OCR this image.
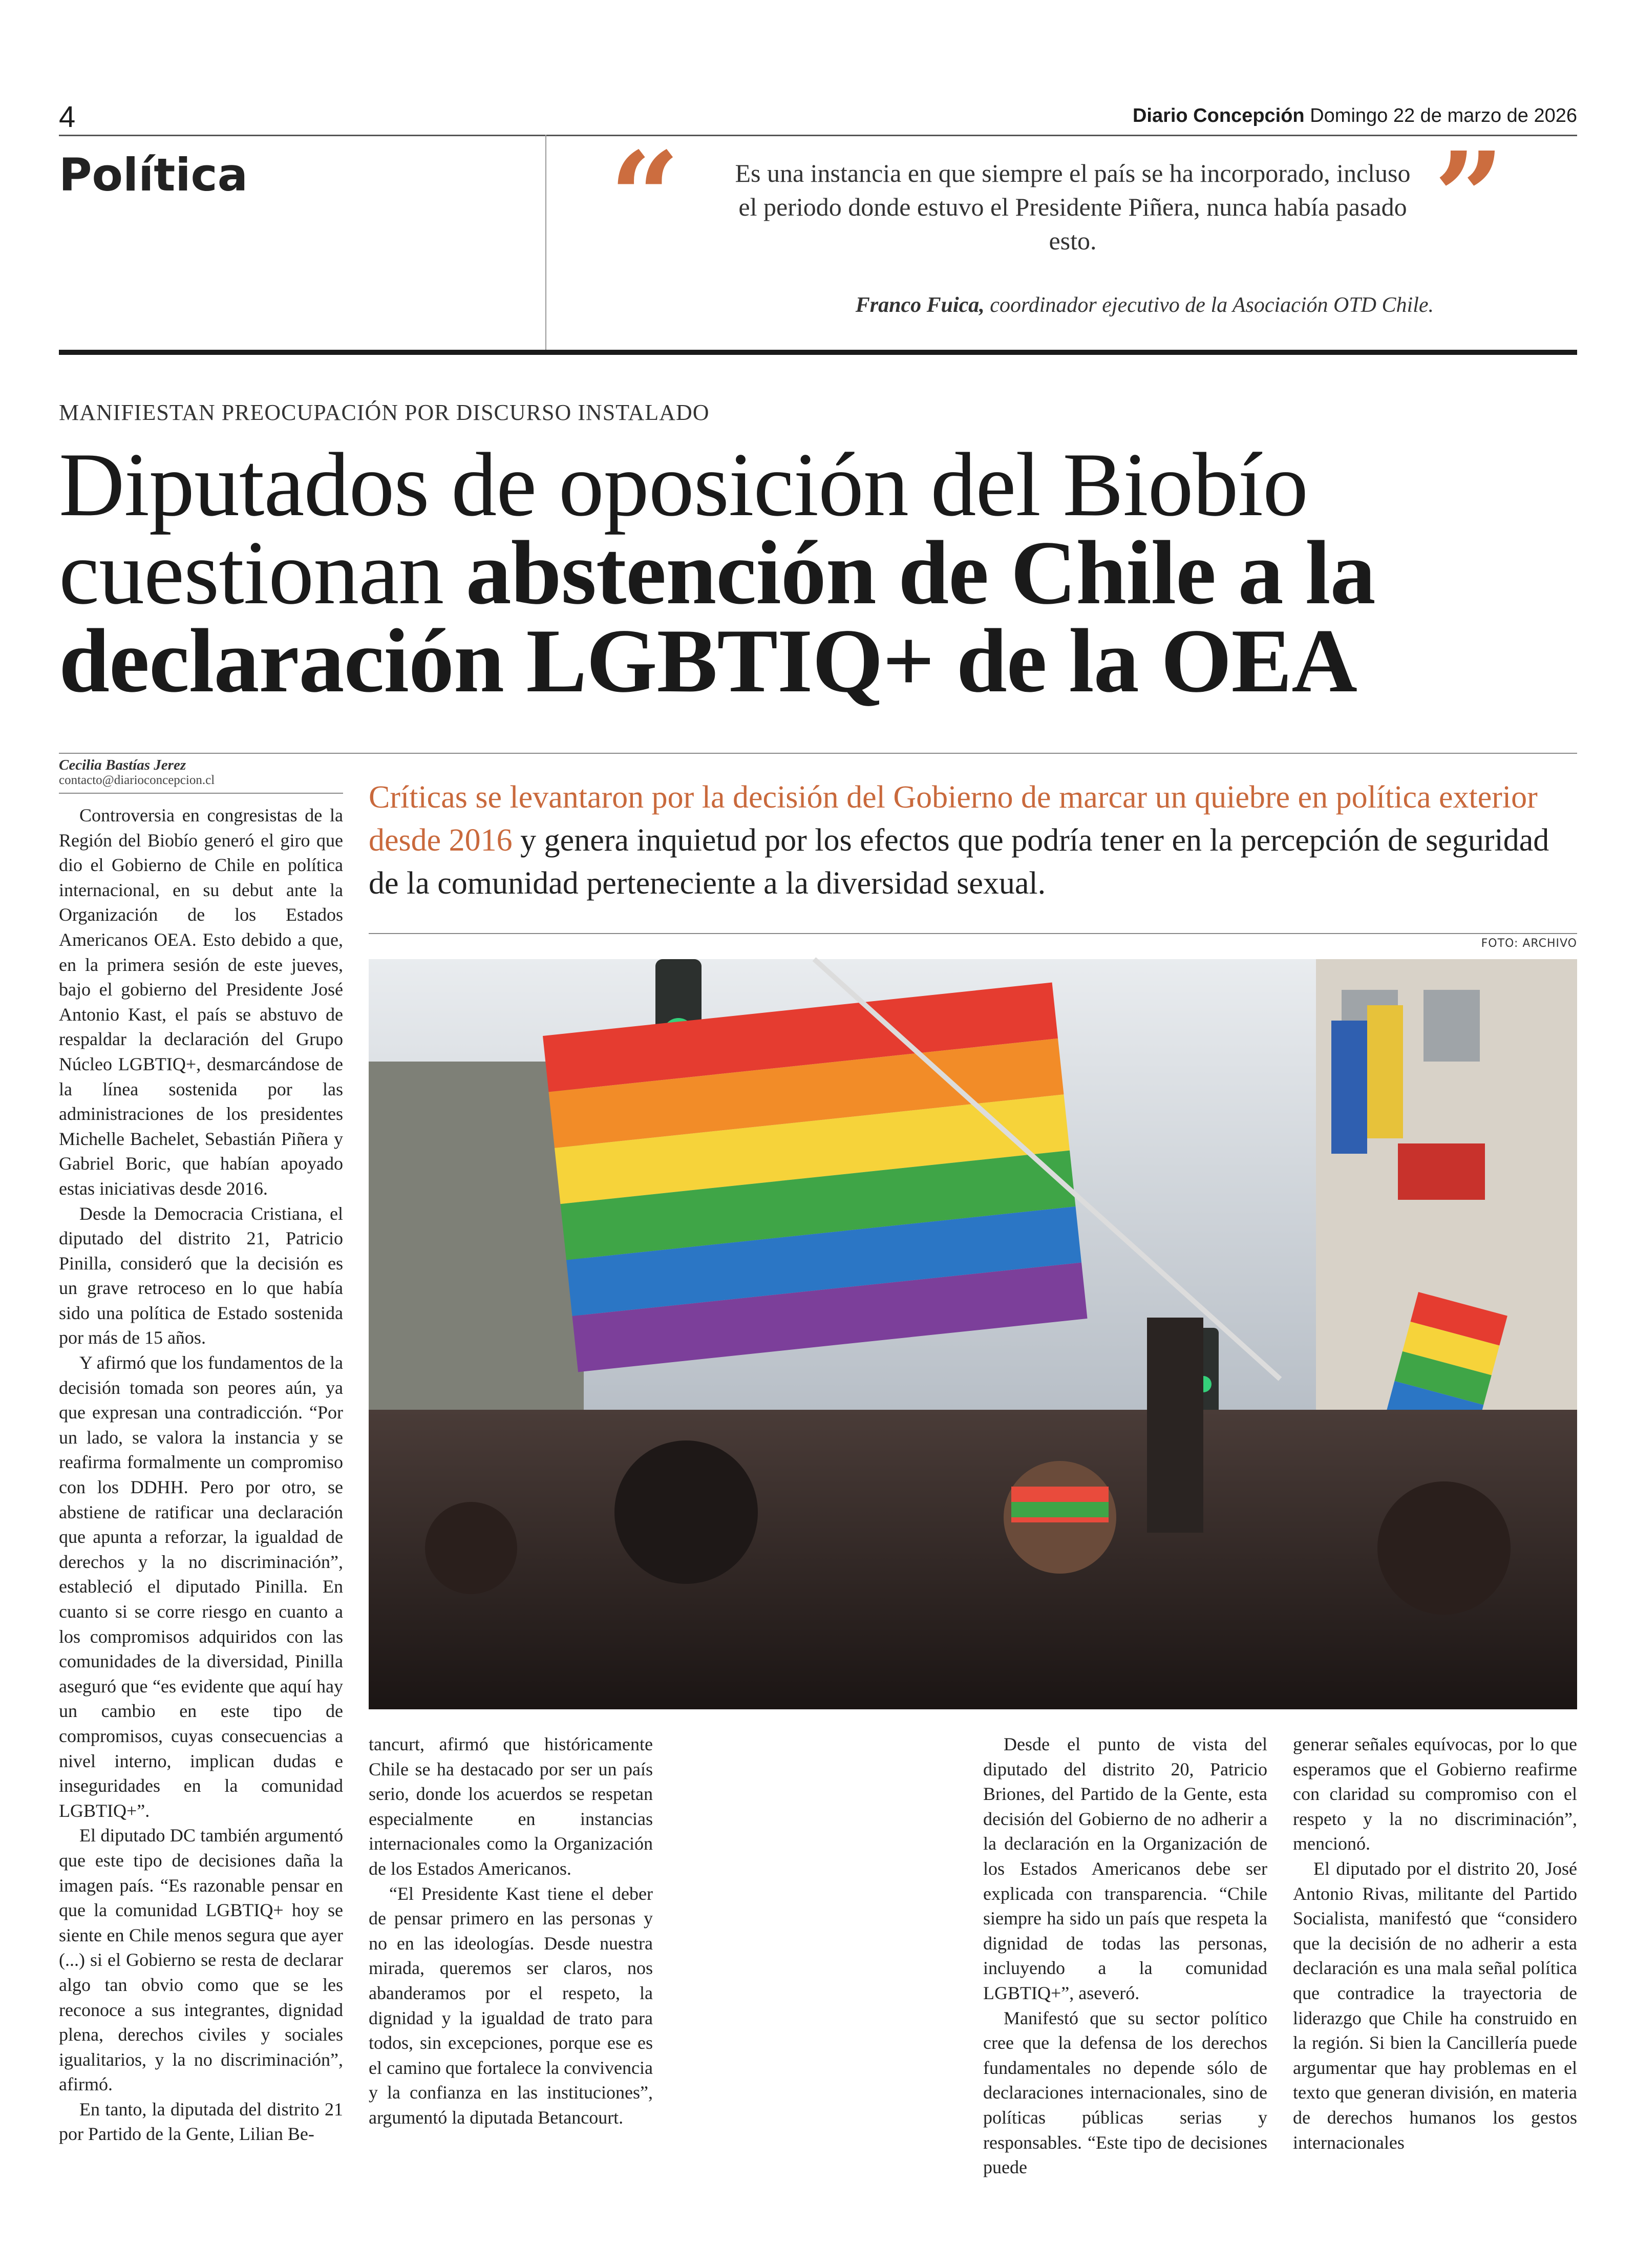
4	Diario Concepción Domingo 22 de marzo de 2026
Política	“ Es una instancia en que siempre el país se ha incorporado, incluso el periodo donde estuvo el Presidente Piñera, nunca había pasado esto.	”
Franco Fuica, coordinador ejecutivo de la Asociación OTD Chile.
MANIFIESTAN PREOCUPACIÓN POR DISCURSO INSTALADO
Diputados de oposición del Biobío cuestionan abstención de Chile a la declaración LGBTIQ+ de la OEA
Cecilia Bastías Jerez
contacto@diarioconcepcion.cl	Críticas se levantaron por la decisión del Gobierno de marcar un quiebre en política exterior desde 2016 y genera inquietud por los efectos que podría tener en la percepción de seguridad de la comunidad perteneciente a la diversidad sexual.
FOTO: ARCHIVO

Controversia en congresistas de la Región del Biobío generó el giro que dio el Gobierno de Chile en política internacional, en su debut ante la Organización de los Estados Americanos OEA. Esto debido a que, en la primera sesión de este jueves, bajo el gobierno del Presidente José Antonio Kast, el país se abstuvo de respaldar la declaración del Grupo Núcleo LGBTIQ+, desmarcándose de la línea sostenida por las administraciones de los presidentes Michelle Bachelet, Sebastián Piñera y Gabriel Boric, que habían apoyado estas iniciativas desde 2016.

Desde la Democracia Cristiana, el diputado del distrito 21, Patricio Pinilla, consideró que la decisión es un grave retroceso en lo que había sido una política de Estado sostenida por más de 15 años.

Y afirmó que los fundamentos de la decisión tomada son peores aún, ya que expresan una contradicción. “Por un lado, se valora la instancia y se reafirma formalmente un compromiso con los DDHH. Pero por otro, se abstiene de ratificar una declaración que apunta a reforzar, la igualdad de derechos y la no discriminación”, estableció el diputado Pinilla. En cuanto si se corre riesgo en cuanto a los compromisos adquiridos con las comunidades de la diversidad, Pinilla aseguró que “es evidente que aquí hay un cambio en este tipo de compromisos, cuyas consecuencias a nivel interno, implican dudas e inseguridades en la comunidad LGBTIQ+”.

El diputado DC también argumentó que este tipo de decisiones daña la imagen país. “Es razonable pensar en que la comunidad LGBTIQ+ hoy se siente en Chile menos segura que ayer (...) si el Gobierno se resta de declarar algo tan obvio como que se les reconoce a sus integrantes, dignidad plena, derechos civiles y sociales igualitarios, y la no discriminación”, afirmó.

En tanto, la diputada del distrito 21 por Partido de la Gente, Lilian Be-

tancurt, afirmó que históricamente Chile se ha destacado por ser un país serio, donde los acuerdos se respetan especialmente en instancias internacionales como la Organización de los Estados Americanos.

“El Presidente Kast tiene el deber de pensar primero en las personas y no en las ideologías. Desde nuestra mirada, queremos ser claros, nos abanderamos por el respeto, la dignidad y la igualdad de trato para todos, sin excepciones, porque ese es el camino que fortalece la convivencia y la confianza en las instituciones”, argumentó la diputada Betancourt.

Desde el punto de vista del diputado del distrito 20, Patricio Briones, del Partido de la Gente, esta decisión del Gobierno de no adherir a la declaración en la Organización de los Estados Americanos debe ser explicada con transparencia. “Chile siempre ha sido un país que respeta la dignidad de todas las personas, incluyendo a la comunidad LGBTIQ+”, aseveró.

Manifestó que su sector político cree que la defensa de los derechos fundamentales no depende sólo de declaraciones internacionales, sino de políticas públicas serias y responsables. “Este tipo de decisiones puede

generar señales equívocas, por lo que esperamos que el Gobierno reafirme con claridad su compromiso con el respeto y la no discriminación”, mencionó.

El diputado por el distrito 20, José Antonio Rivas, militante del Partido Socialista, manifestó que “considero que la decisión de no adherir a esta declaración es una mala señal política que contradice la trayectoria de liderazgo que Chile ha construido en la región. Si bien la Cancillería puede argumentar que hay problemas en el texto que generan división, en materia de derechos humanos los gestos internacionales
